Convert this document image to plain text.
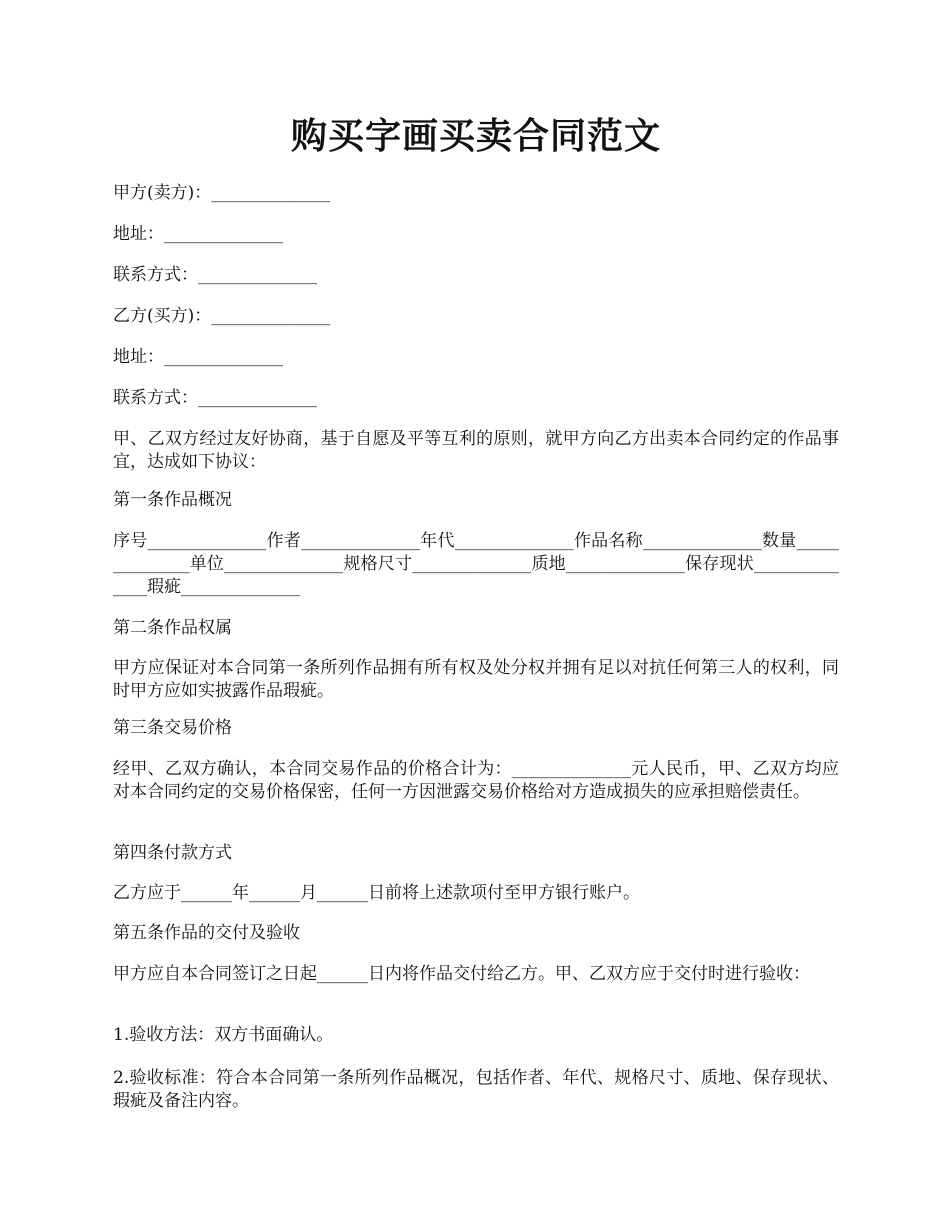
购买字画买卖合同范文
甲方(卖方)：______________
地址：______________
联系方式：______________
乙方(买方)：______________
地址：______________
联系方式：______________
甲、乙双方经过友好协商，基于自愿及平等互利的原则，就甲方向乙方出卖本合同约定的作品事宜，达成如下协议：
第一条作品概况
序号______________作者______________年代______________作品名称______________数量______________单位______________规格尺寸______________质地______________保存现状______________瑕疵______________
第二条作品权属
甲方应保证对本合同第一条所列作品拥有所有权及处分权并拥有足以对抗任何第三人的权利，同时甲方应如实披露作品瑕疵。
第三条交易价格
经甲、乙双方确认，本合同交易作品的价格合计为：______________元人民币，甲、乙双方均应对本合同约定的交易价格保密，任何一方因泄露交易价格给对方造成损失的应承担赔偿责任。
第四条付款方式
乙方应于______年______月______日前将上述款项付至甲方银行账户。
第五条作品的交付及验收
甲方应自本合同签订之日起______日内将作品交付给乙方。甲、乙双方应于交付时进行验收：
1.验收方法：双方书面确认。
2.验收标准：符合本合同第一条所列作品概况，包括作者、年代、规格尺寸、质地、保存现状、瑕疵及备注内容。
